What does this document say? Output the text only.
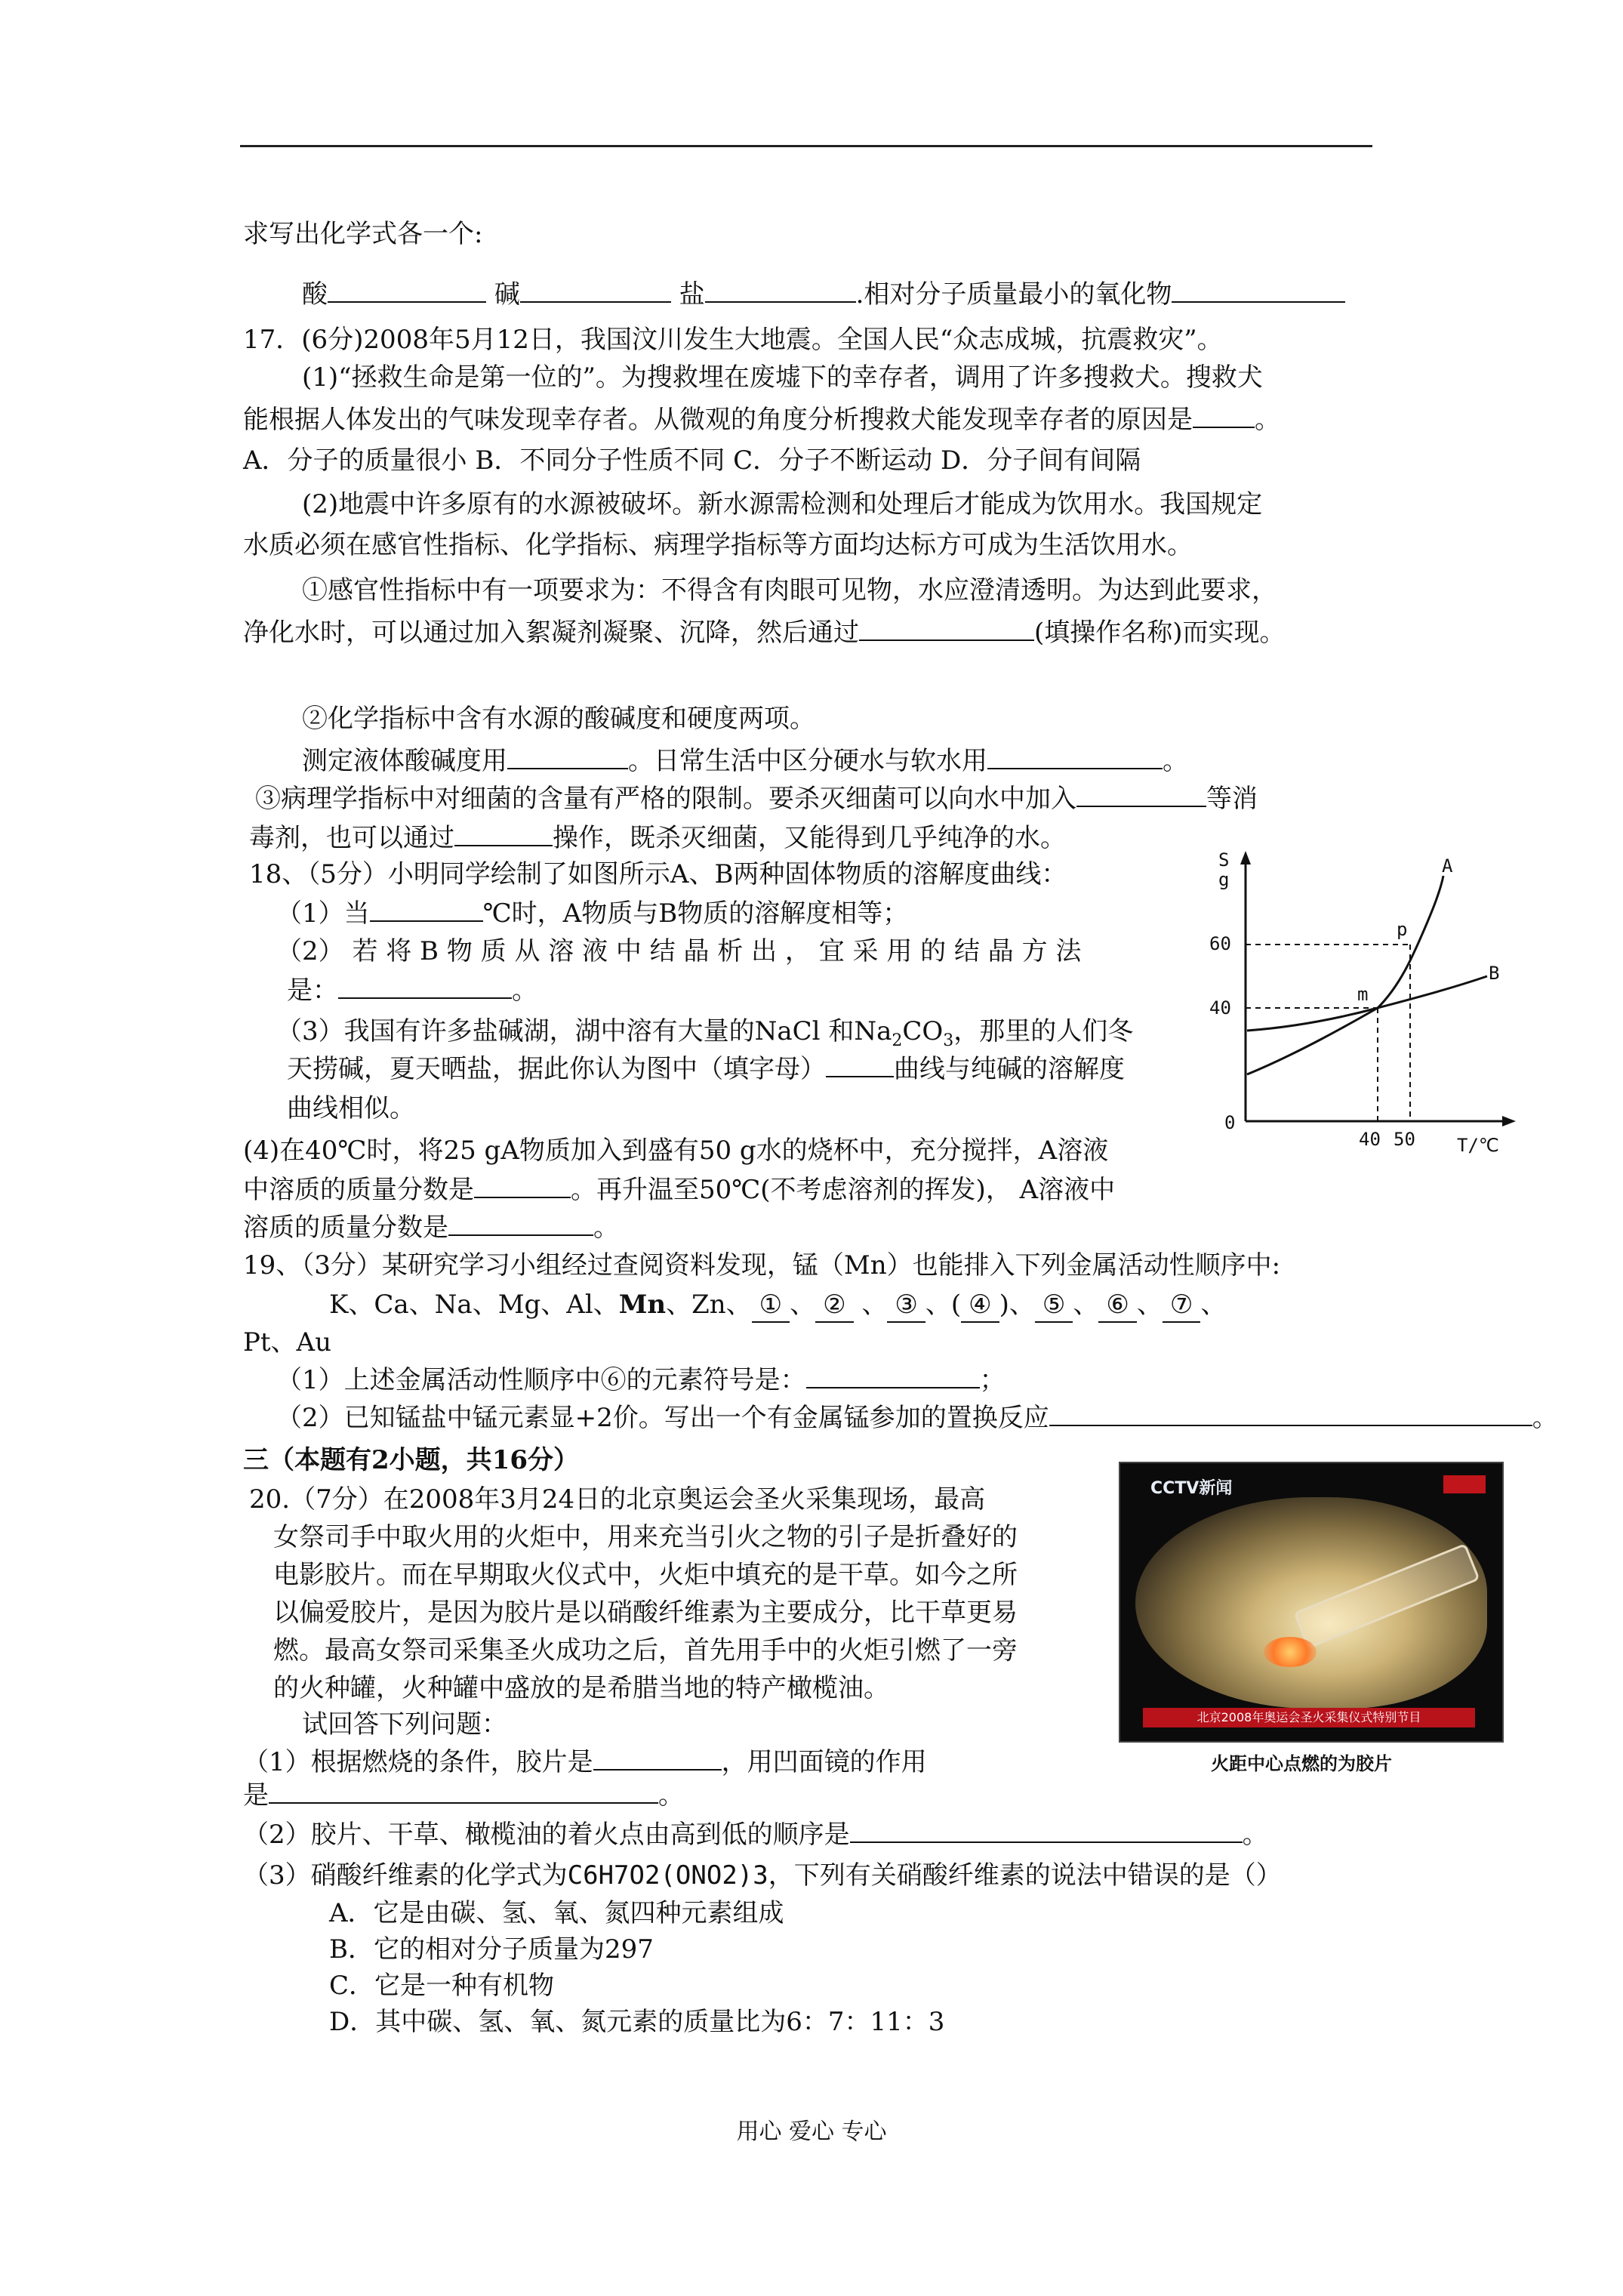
求写出化学式各一个:
酸	碱	盐	.相对分子质量最小的氧化物
17．(6分)2008年5月12日，我国汶川发生大地震。全国人民“众志成城，抗震救灾”。
(1)“拯救生命是第一位的”。为搜救埋在废墟下的幸存者，调用了许多搜救犬。搜救犬
能根据人体发出的气味发现幸存者。从微观的角度分析搜救犬能发现幸存者的原因是 。
A．分子的质量很小 B．不同分子性质不同 C．分子不断运动 D．分子间有间隔
(2)地震中许多原有的水源被破坏。新水源需检测和处理后才能成为饮用水。我国规定
水质必须在感官性指标、化学指标、病理学指标等方面均达标方可成为生活饮用水。
①感官性指标中有一项要求为：不得含有肉眼可见物，水应澄清透明。为达到此要求，
净化水时，可以通过加入絮凝剂凝聚、沉降，然后通过	(填操作名称)而实现。
②化学指标中含有水源的酸碱度和硬度两项。
测定液体酸碱度用	。日常生活中区分硬水与软水用	。
③病理学指标中对细菌的含量有严格的限制。要杀灭细菌可以向水中加入	等消
毒剂，也可以通过	操作，既杀灭细菌，又能得到几乎纯净的水。
18、（5分）小明同学绘制了如图所示A、B两种固体物质的溶解度曲线：
（1）当	℃时，A物质与B物质的溶解度相等；
（2） 若 将 B 物 质 从 溶 液 中 结 晶 析 出 ， 宜 采 用 的 结 晶 方 法
是：	。
（3）我国有许多盐碱湖，湖中溶有大量的NaCl 和$Na_2CO_3$，那里的人们冬
天捞碱，夏天晒盐，据此你认为图中（填字母）	曲线与纯碱的溶解度
曲线相似。
(4)在40℃时，将25 gA物质加入到盛有50 g水的烧杯中，充分搅拌，A溶液
中溶质的质量分数是	。再升温至50℃(不考虑溶剂的挥发)， A溶液中
溶质的质量分数是	。
S
g
60
40
0
40 50 T/℃
A
B
p
m
19、（3分）某研究学习小组经过查阅资料发现，锰（Mn）也能排入下列金属活动性顺序中:
K、Ca、Na、Mg、Al、Mn、Zn、 ① 、 ② 、 ③ 、( ④ )、 ⑤ 、 ⑥ 、 ⑦ 、
Pt、Au
（1）上述金属活动性顺序中⑥的元素符号是：	；
（2）已知锰盐中锰元素显+2价。写出一个有金属锰参加的置换反应	。
三（本题有2小题，共16分）
20.（7分）在2008年3月24日的北京奥运会圣火采集现场，最高
女祭司手中取火用的火炬中，用来充当引火之物的引子是折叠好的
电影胶片。而在早期取火仪式中，火炬中填充的是干草。如今之所
以偏爱胶片，是因为胶片是以硝酸纤维素为主要成分，比干草更易
燃。最高女祭司采集圣火成功之后，首先用手中的火炬引燃了一旁
的火种罐，火种罐中盛放的是希腊当地的特产橄榄油。
试回答下列问题：
（1）根据燃烧的条件，胶片是	，用凹面镜的作用
是	。
（2）胶片、干草、橄榄油的着火点由高到低的顺序是	。
（3）硝酸纤维素的化学式为C6H7O2(ONO2)3，下列有关硝酸纤维素的说法中错误的是（）
A．它是由碳、氢、氧、氮四种元素组成
B．它的相对分子质量为297
C．它是一种有机物
D．其中碳、氢、氧、氮元素的质量比为6：7：11：3
CCTV新闻
北京2008年奥运会圣火采集仪式特别节目
火距中心点燃的为胶片
用心 爱心 专心
